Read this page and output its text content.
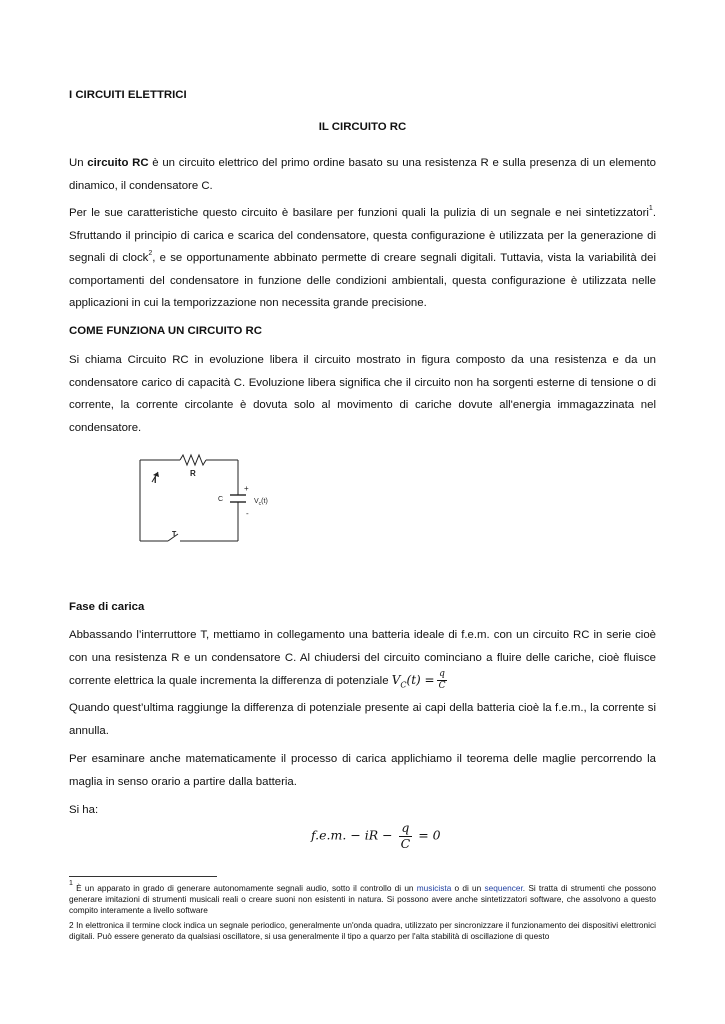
I CIRCUITI ELETTRICI

IL CIRCUITO RC

Un circuito RC è un circuito elettrico del primo ordine basato su una resistenza R e sulla presenza di un elemento dinamico, il condensatore C.

Per le sue caratteristiche questo circuito è basilare per funzioni quali la pulizia di un segnale e nei sintetizzatori$^1$. Sfruttando il principio di carica e scarica del condensatore, questa configurazione è utilizzata per la generazione di segnali di clock$^2$, e se opportunamente abbinato permette di creare segnali digitali. Tuttavia, vista la variabilità dei comportamenti del condensatore in funzione delle condizioni ambientali, questa configurazione è utilizzata nelle applicazioni in cui la temporizzazione non necessita grande precisione.

COME FUNZIONA UN CIRCUITO RC

Si chiama Circuito RC in evoluzione libera il circuito mostrato in figura composto da una resistenza e da un condensatore carico di capacità C. Evoluzione libera significa che il circuito non ha sorgenti esterne di tensione o di corrente, la corrente circolante è dovuta solo al movimento di cariche dovute all'energia immagazzinata nel condensatore.

R
I
C
+
-
$V_c(t)$
T

Fase di carica

Abbassando l’interruttore T, mettiamo in collegamento una batteria ideale di f.e.m. con un circuito RC in serie cioè con una resistenza R e un condensatore C. Al chiudersi del circuito cominciano a fluire delle cariche, cioè fluisce corrente elettrica la quale incrementa la differenza di potenziale $V_C(t) = \frac{q}{C}$

Quando quest’ultima raggiunge la differenza di potenziale presente ai capi della batteria cioè la f.e.m., la corrente si annulla.

Per esaminare anche matematicamente il processo di carica applichiamo il teorema delle maglie percorrendo la maglia in senso orario a partire dalla batteria.

Si ha:

f.e.m. − iR − $\frac{q}{C} = 0$

$^1$ È un apparato in grado di generare autonomamente segnali audio, sotto il controllo di un musicista o di un sequencer. Si tratta di strumenti che possono generare imitazioni di strumenti musicali reali o creare suoni non esistenti in natura. Si possono avere anche sintetizzatori software, che assolvono a questo compito interamente a livello software

2 In elettronica il termine clock indica un segnale periodico, generalmente un'onda quadra, utilizzato per sincronizzare il funzionamento dei dispositivi elettronici digitali. Può essere generato da qualsiasi oscillatore, si usa generalmente il tipo a quarzo per l'alta stabilità di oscillazione di questo
